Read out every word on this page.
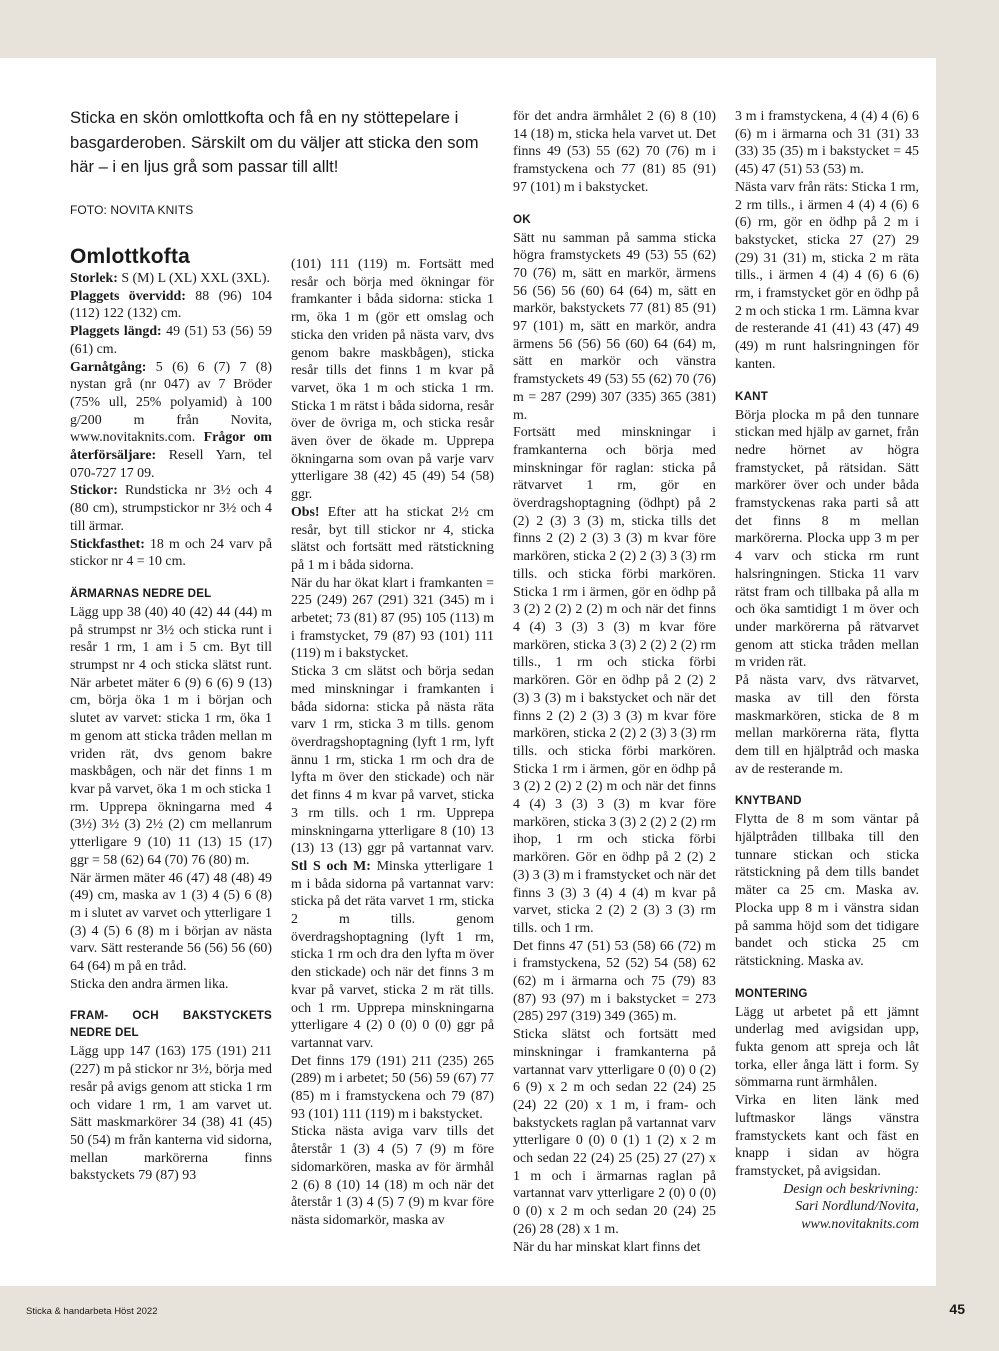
Sticka en skön omlottkofta och få en ny stöttepelare i basgarderoben. Särskilt om du väljer att sticka den som här – i en ljus grå som passar till allt!

FOTO: NOVITA KNITS

Omlottkofta

Storlek: S (M) L (XL) XXL (3XL).

Plaggets övervidd: 88 (96) 104 (112) 122 (132) cm.

Plaggets längd: 49 (51) 53 (56) 59 (61) cm.

Garnåtgång: 5 (6) 6 (7) 7 (8) nystan grå (nr 047) av 7 Bröder (75% ull, 25% polyamid) à 100 g/200 m från Novita, www.novitaknits.com. Frågor om återförsäljare: Resell Yarn, tel 070-727 17 09.

Stickor: Rundsticka nr 3½ och 4 (80 cm), strumpstickor nr 3½ och 4 till ärmar.

Stickfasthet: 18 m och 24 varv på stickor nr 4 = 10 cm.

ÄRMARNAS NEDRE DEL

Lägg upp 38 (40) 40 (42) 44 (44) m på strumpst nr 3½ och sticka runt i resår 1 rm, 1 am i 5 cm. Byt till strumpst nr 4 och sticka slätst runt. När arbetet mäter 6 (9) 6 (6) 9 (13) cm, börja öka 1 m i början och slutet av varvet: sticka 1 rm, öka 1 m genom att sticka tråden mellan m vriden rät, dvs genom bakre maskbågen, och när det finns 1 m kvar på varvet, öka 1 m och sticka 1 rm. Upprepa ökningarna med 4 (3½) 3½ (3) 2½ (2) cm mellanrum ytterligare 9 (10) 11 (13) 15 (17) ggr = 58 (62) 64 (70) 76 (80) m.

När ärmen mäter 46 (47) 48 (48) 49 (49) cm, maska av 1 (3) 4 (5) 6 (8) m i slutet av varvet och ytterligare 1 (3) 4 (5) 6 (8) m i början av nästa varv. Sätt resterande 56 (56) 56 (60) 64 (64) m på en tråd.

Sticka den andra ärmen lika.

FRAM- OCH BAKSTYCKETS NEDRE DEL

Lägg upp 147 (163) 175 (191) 211 (227) m på stickor nr 3½, börja med resår på avigs genom att sticka 1 rm och vidare 1 rm, 1 am varvet ut. Sätt maskmarkörer 34 (38) 41 (45) 50 (54) m från kanterna vid sidorna, mellan markörerna finns bakstyckets 79 (87) 93

(101) 111 (119) m. Fortsätt med resår och börja med ökningar för framkanter i båda sidorna: sticka 1 rm, öka 1 m (gör ett omslag och sticka den vriden på nästa varv, dvs genom bakre maskbågen), sticka resår tills det finns 1 m kvar på varvet, öka 1 m och sticka 1 rm. Sticka 1 m rätst i båda sidorna, resår över de övriga m, och sticka resår även över de ökade m. Upprepa ökningarna som ovan på varje varv ytterligare 38 (42) 45 (49) 54 (58) ggr.

Obs! Efter att ha stickat 2½ cm resår, byt till stickor nr 4, sticka slätst och fortsätt med rätstickning på 1 m i båda sidorna.

När du har ökat klart i framkanten = 225 (249) 267 (291) 321 (345) m i arbetet; 73 (81) 87 (95) 105 (113) m i framstycket, 79 (87) 93 (101) 111 (119) m i bakstycket.

Sticka 3 cm slätst och börja sedan med minskningar i framkanten i båda sidorna: sticka på nästa räta varv 1 rm, sticka 3 m tills. genom överdragshoptagning (lyft 1 rm, lyft ännu 1 rm, sticka 1 rm och dra de lyfta m över den stickade) och när det finns 4 m kvar på varvet, sticka 3 rm tills. och 1 rm. Upprepa minskningarna ytterligare 8 (10) 13 (13) 13 (13) ggr på vartannat varv. Stl S och M: Minska ytterligare 1 m i båda sidorna på vartannat varv: sticka på det räta varvet 1 rm, sticka 2 m tills. genom överdragshoptagning (lyft 1 rm, sticka 1 rm och dra den lyfta m över den stickade) och när det finns 3 m kvar på varvet, sticka 2 m rät tills. och 1 rm. Upprepa minskningarna ytterligare 4 (2) 0 (0) 0 (0) ggr på vartannat varv.

Det finns 179 (191) 211 (235) 265 (289) m i arbetet; 50 (56) 59 (67) 77 (85) m i framstyckena och 79 (87) 93 (101) 111 (119) m i bakstycket.

Sticka nästa aviga varv tills det återstår 1 (3) 4 (5) 7 (9) m före sidomarkören, maska av för ärmhål 2 (6) 8 (10) 14 (18) m och när det återstår 1 (3) 4 (5) 7 (9) m kvar före nästa sidomarkör, maska av

för det andra ärmhålet 2 (6) 8 (10) 14 (18) m, sticka hela varvet ut. Det finns 49 (53) 55 (62) 70 (76) m i framstyckena och 77 (81) 85 (91) 97 (101) m i bakstycket.

OK

Sätt nu samman på samma sticka högra framstyckets 49 (53) 55 (62) 70 (76) m, sätt en markör, ärmens 56 (56) 56 (60) 64 (64) m, sätt en markör, bakstyckets 77 (81) 85 (91) 97 (101) m, sätt en markör, andra ärmens 56 (56) 56 (60) 64 (64) m, sätt en markör och vänstra framstyckets 49 (53) 55 (62) 70 (76) m = 287 (299) 307 (335) 365 (381) m.

Fortsätt med minskningar i framkanterna och börja med minskningar för raglan: sticka på rätvarvet 1 rm, gör en överdragshoptagning (ödhpt) på 2 (2) 2 (3) 3 (3) m, sticka tills det finns 2 (2) 2 (3) 3 (3) m kvar före markören, sticka 2 (2) 2 (3) 3 (3) rm tills. och sticka förbi markören. Sticka 1 rm i ärmen, gör en ödhp på 3 (2) 2 (2) 2 (2) m och när det finns 4 (4) 3 (3) 3 (3) m kvar före markören, sticka 3 (3) 2 (2) 2 (2) rm tills., 1 rm och sticka förbi markören. Gör en ödhp på 2 (2) 2 (3) 3 (3) m i bakstycket och när det finns 2 (2) 2 (3) 3 (3) m kvar före markören, sticka 2 (2) 2 (3) 3 (3) rm tills. och sticka förbi markören. Sticka 1 rm i ärmen, gör en ödhp på 3 (2) 2 (2) 2 (2) m och när det finns 4 (4) 3 (3) 3 (3) m kvar före markören, sticka 3 (3) 2 (2) 2 (2) rm ihop, 1 rm och sticka förbi markören. Gör en ödhp på 2 (2) 2 (3) 3 (3) m i framstycket och när det finns 3 (3) 3 (4) 4 (4) m kvar på varvet, sticka 2 (2) 2 (3) 3 (3) rm tills. och 1 rm.

Det finns 47 (51) 53 (58) 66 (72) m i framstyckena, 52 (52) 54 (58) 62 (62) m i ärmarna och 75 (79) 83 (87) 93 (97) m i bakstycket = 273 (285) 297 (319) 349 (365) m.

Sticka slätst och fortsätt med minskningar i framkanterna på vartannat varv ytterligare 0 (0) 0 (2) 6 (9) x 2 m och sedan 22 (24) 25 (24) 22 (20) x 1 m, i fram- och bakstyckets raglan på vartannat varv ytterligare 0 (0) 0 (1) 1 (2) x 2 m och sedan 22 (24) 25 (25) 27 (27) x 1 m och i ärmarnas raglan på vartannat varv ytterligare 2 (0) 0 (0) 0 (0) x 2 m och sedan 20 (24) 25 (26) 28 (28) x 1 m.

När du har minskat klart finns det

3 m i framstyckena, 4 (4) 4 (6) 6 (6) m i ärmarna och 31 (31) 33 (33) 35 (35) m i bakstycket = 45 (45) 47 (51) 53 (53) m.

Nästa varv från räts: Sticka 1 rm, 2 rm tills., i ärmen 4 (4) 4 (6) 6 (6) rm, gör en ödhp på 2 m i bakstycket, sticka 27 (27) 29 (29) 31 (31) m, sticka 2 m räta tills., i ärmen 4 (4) 4 (6) 6 (6) rm, i framstycket gör en ödhp på 2 m och sticka 1 rm. Lämna kvar de resterande 41 (41) 43 (47) 49 (49) m runt halsringningen för kanten.

KANT

Börja plocka m på den tunnare stickan med hjälp av garnet, från nedre hörnet av högra framstycket, på rätsidan. Sätt markörer över och under båda framstyckenas raka parti så att det finns 8 m mellan markörerna. Plocka upp 3 m per 4 varv och sticka rm runt halsringningen. Sticka 11 varv rätst fram och tillbaka på alla m och öka samtidigt 1 m över och under markörerna på rätvarvet genom att sticka tråden mellan m vriden rät.

På nästa varv, dvs rätvarvet, maska av till den första maskmarkören, sticka de 8 m mellan markörerna räta, flytta dem till en hjälptråd och maska av de resterande m.

KNYTBAND

Flytta de 8 m som väntar på hjälptråden tillbaka till den tunnare stickan och sticka rätstickning på dem tills bandet mäter ca 25 cm. Maska av. Plocka upp 8 m i vänstra sidan på samma höjd som det tidigare bandet och sticka 25 cm rätstickning. Maska av.

MONTERING

Lägg ut arbetet på ett jämnt underlag med avigsidan upp, fukta genom att spreja och låt torka, eller ånga lätt i form. Sy sömmarna runt ärmhålen.

Virka en liten länk med luftmaskor längs vänstra framstyckets kant och fäst en knapp i sidan av högra framstycket, på avigsidan.

Design och beskrivning:

Sari Nordlund/Novita,

www.novitaknits.com

Sticka & handarbeta Höst 2022	45
